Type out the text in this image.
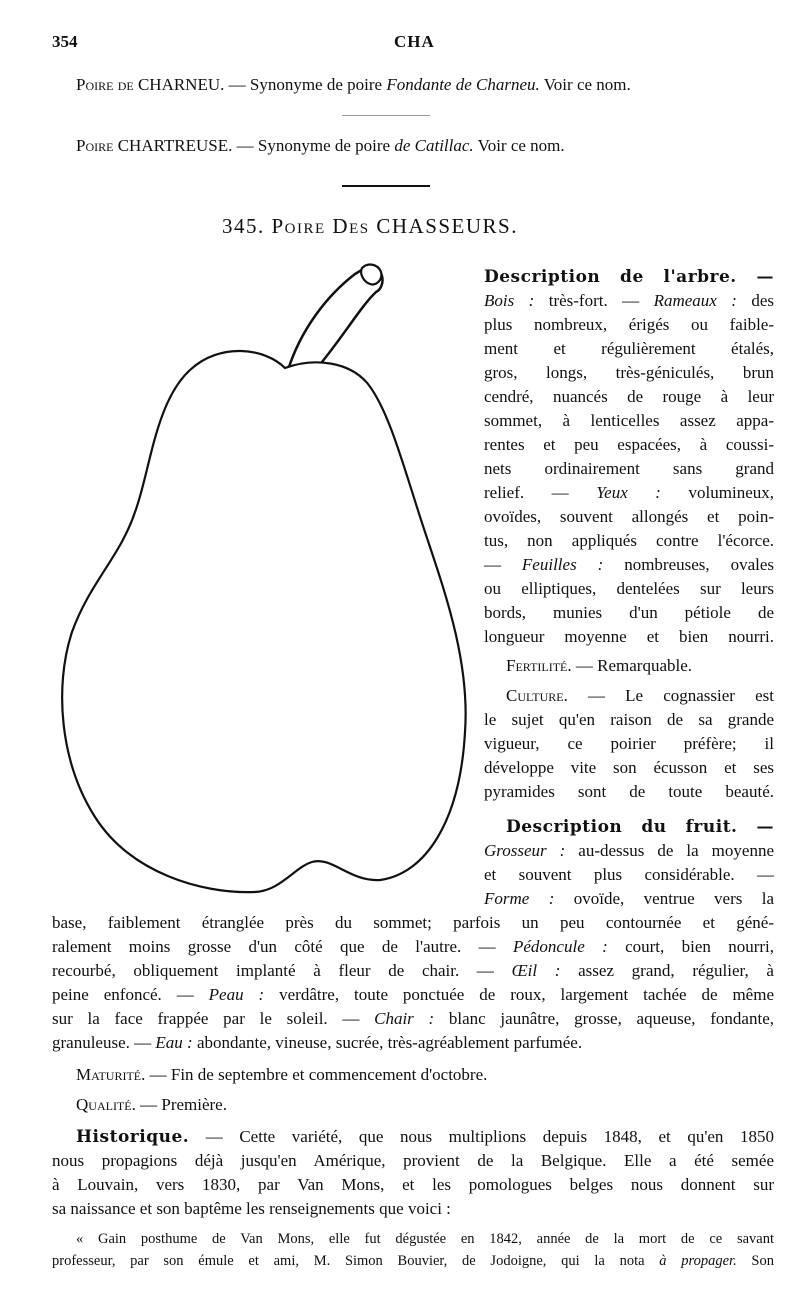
354	CHA
Poire de CHARNEU. — Synonyme de poire Fondante de Charneu. Voir ce nom.
Poire CHARTREUSE. — Synonyme de poire de Catillac. Voir ce nom.
345. Poire Des CHASSEURS.
Description de l'arbre. —
Bois : très-fort. — Rameaux : des
plus nombreux, érigés ou faible-
ment et régulièrement étalés,
gros, longs, très-géniculés, brun
cendré, nuancés de rouge à leur
sommet, à lenticelles assez appa-
rentes et peu espacées, à coussi-
nets ordinairement sans grand
relief. — Yeux : volumineux,
ovoïdes, souvent allongés et poin-
tus, non appliqués contre l'écorce.
— Feuilles : nombreuses, ovales
ou elliptiques, dentelées sur leurs
bords, munies d'un pétiole de
longueur moyenne et bien nourri.
Fertilité. — Remarquable.
Culture. — Le cognassier est
le sujet qu'en raison de sa grande
vigueur, ce poirier préfère; il
développe vite son écusson et ses
pyramides sont de toute beauté.
Description du fruit. —
Grosseur : au-dessus de la moyenne
et souvent plus considérable. —
Forme : ovoïde, ventrue vers la
base, faiblement étranglée près du sommet; parfois un peu contournée et géné-
ralement moins grosse d'un côté que de l'autre. — Pédoncule : court, bien nourri,
recourbé, obliquement implanté à fleur de chair. — Œil : assez grand, régulier, à
peine enfoncé. — Peau : verdâtre, toute ponctuée de roux, largement tachée de même
sur la face frappée par le soleil. — Chair : blanc jaunâtre, grosse, aqueuse, fondante,
granuleuse. — Eau : abondante, vineuse, sucrée, très-agréablement parfumée.
Maturité. — Fin de septembre et commencement d'octobre.
Qualité. — Première.
Historique. — Cette variété, que nous multiplions depuis 1848, et qu'en 1850
nous propagions déjà jusqu'en Amérique, provient de la Belgique. Elle a été semée
à Louvain, vers 1830, par Van Mons, et les pomologues belges nous donnent sur
sa naissance et son baptême les renseignements que voici :
« Gain posthume de Van Mons, elle fut dégustée en 1842, année de la mort de ce savant
professeur, par son émule et ami, M. Simon Bouvier, de Jodoigne, qui la nota à propager. Son
